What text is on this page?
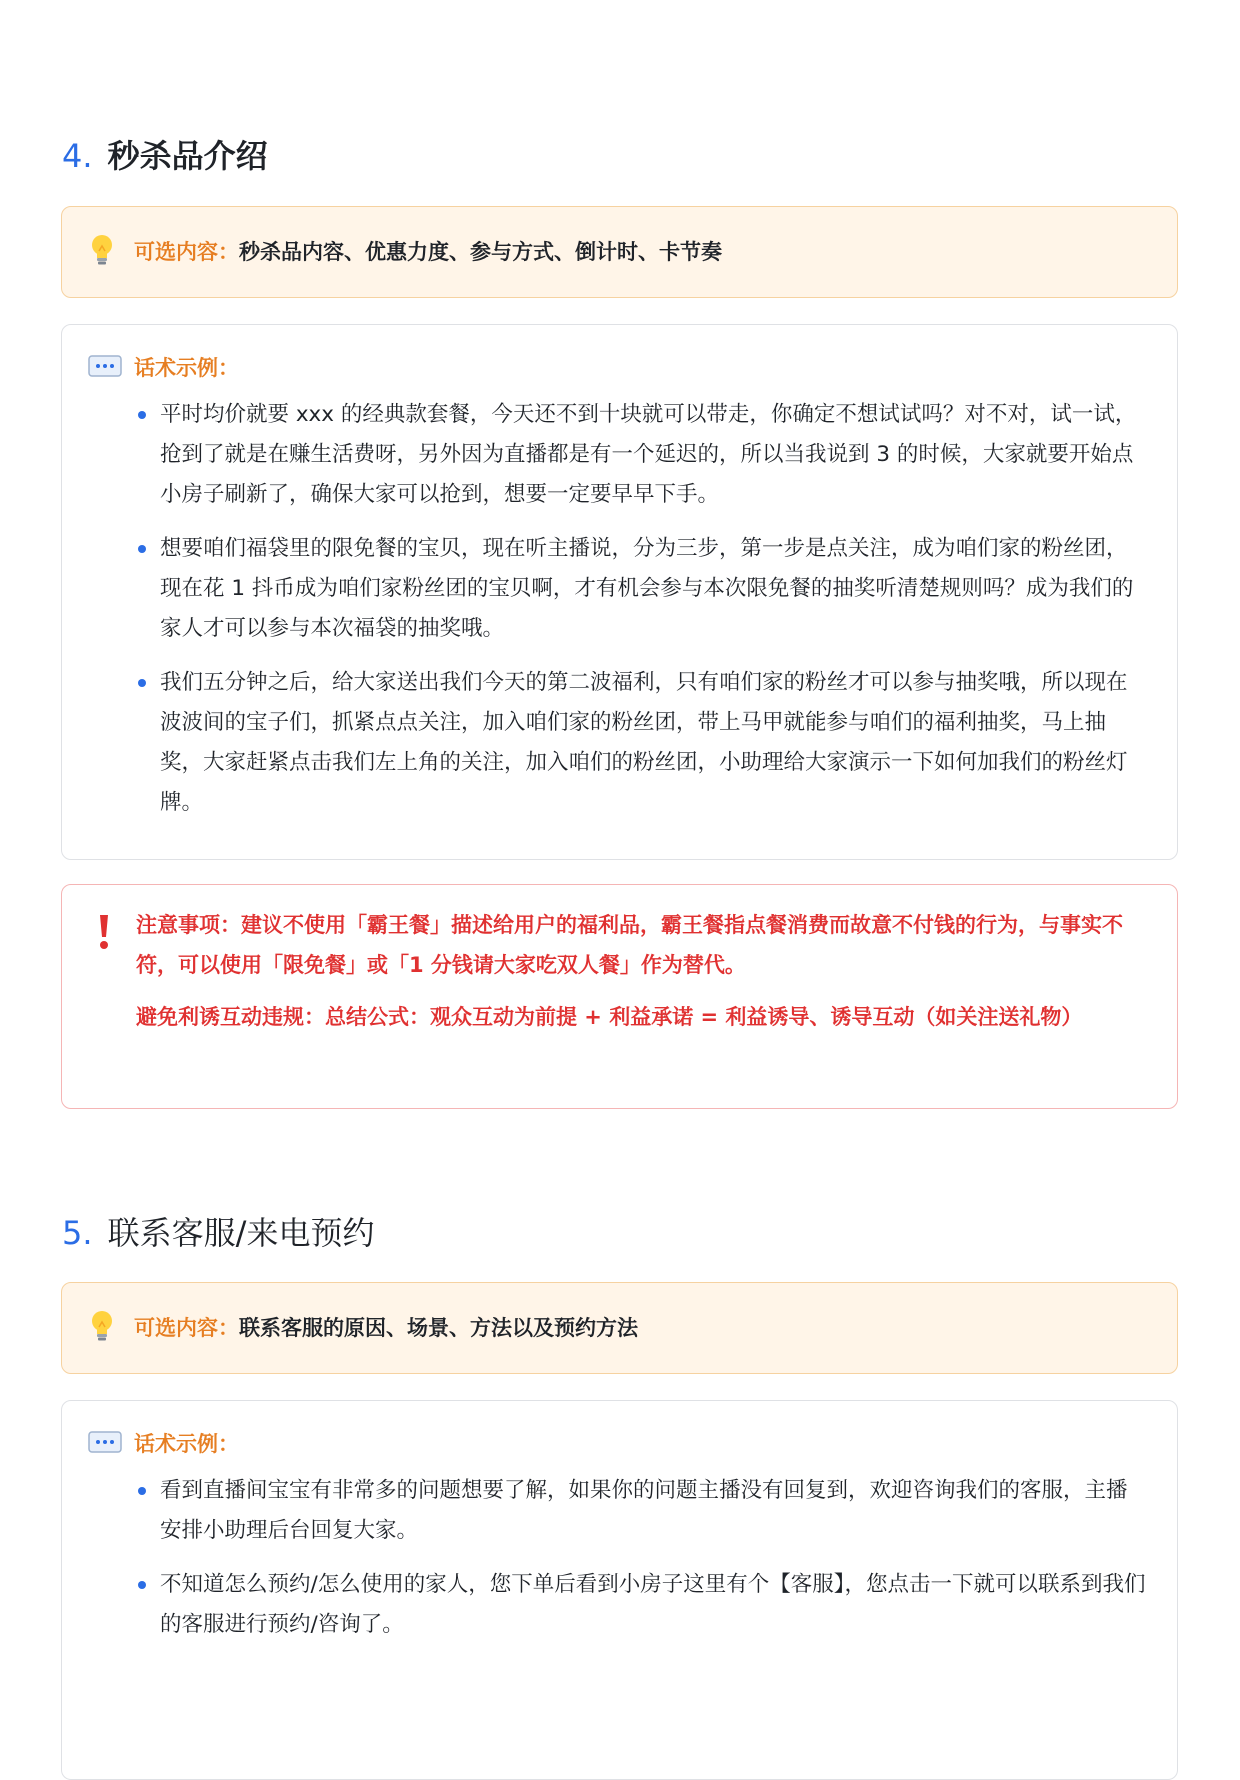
4. 秒杀品介绍
可选内容：秒杀品内容、优惠力度、参与方式、倒计时、卡节奏
话术示例：
平时均价就要 xxx 的经典款套餐，今天还不到十块就可以带走，你确定不想试试吗？对不对，试一试，抢到了就是在赚生活费呀，另外因为直播都是有一个延迟的，所以当我说到 3 的时候，大家就要开始点小房子刷新了，确保大家可以抢到，想要一定要早早下手。
想要咱们福袋里的限免餐的宝贝，现在听主播说，分为三步，第一步是点关注，成为咱们家的粉丝团，现在花 1 抖币成为咱们家粉丝团的宝贝啊，才有机会参与本次限免餐的抽奖听清楚规则吗？成为我们的家人才可以参与本次福袋的抽奖哦。
我们五分钟之后，给大家送出我们今天的第二波福利，只有咱们家的粉丝才可以参与抽奖哦，所以现在波波间的宝子们，抓紧点点关注，加入咱们家的粉丝团，带上马甲就能参与咱们的福利抽奖，马上抽奖，大家赶紧点击我们左上角的关注，加入咱们的粉丝团，小助理给大家演示一下如何加我们的粉丝灯牌。

注意事项：建议不使用「霸王餐」描述给用户的福利品，霸王餐指点餐消费而故意不付钱的行为，与事实不符，可以使用「限免餐」或「1 分钱请大家吃双人餐」作为替代。

避免利诱互动违规：总结公式：观众互动为前提 + 利益承诺 = 利益诱导、诱导互动（如关注送礼物）

5. 联系客服/来电预约
可选内容：联系客服的原因、场景、方法以及预约方法
话术示例：
看到直播间宝宝有非常多的问题想要了解，如果你的问题主播没有回复到，欢迎咨询我们的客服，主播安排小助理后台回复大家。
不知道怎么预约/怎么使用的家人，您下单后看到小房子这里有个【客服】，您点击一下就可以联系到我们的客服进行预约/咨询了。
